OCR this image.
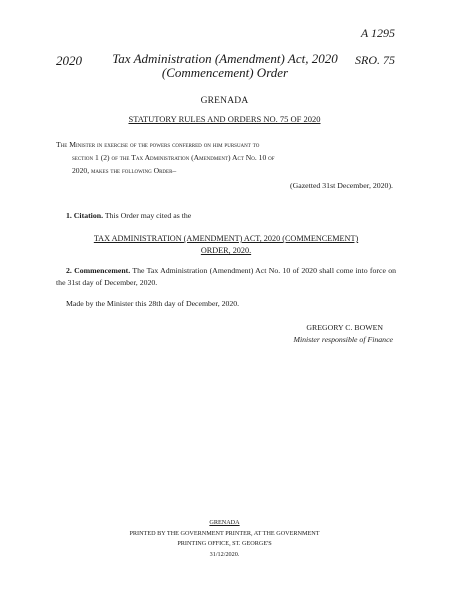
A 1295

2020	Tax Administration (Amendment) Act, 2020
(Commencement) Order

SRO. 75

GRENADA

STATUTORY RULES AND ORDERS NO. 75 OF 2020

The Minister in exercise of the powers conferred on him pursuant to
section 1 (2) of the Tax Administration (Amendment) Act No. 10 of
2020, makes the following Order–

(Gazetted 31st December, 2020).

1. Citation. This Order may cited as the

TAX ADMINISTRATION (AMENDMENT) ACT, 2020 (COMMENCEMENT)
ORDER, 2020.

2. Commencement. The Tax Administration (Amendment) Act No. 10 of 2020 shall come into force on the 31st day of December, 2020.

Made by the Minister this 28th day of December, 2020.

GREGORY C. BOWEN

Minister responsible of Finance

GRENADA
PRINTED BY THE GOVERNMENT PRINTER, AT THE GOVERNMENT
PRINTING OFFICE, ST. GEORGE'S
31/12/2020.
